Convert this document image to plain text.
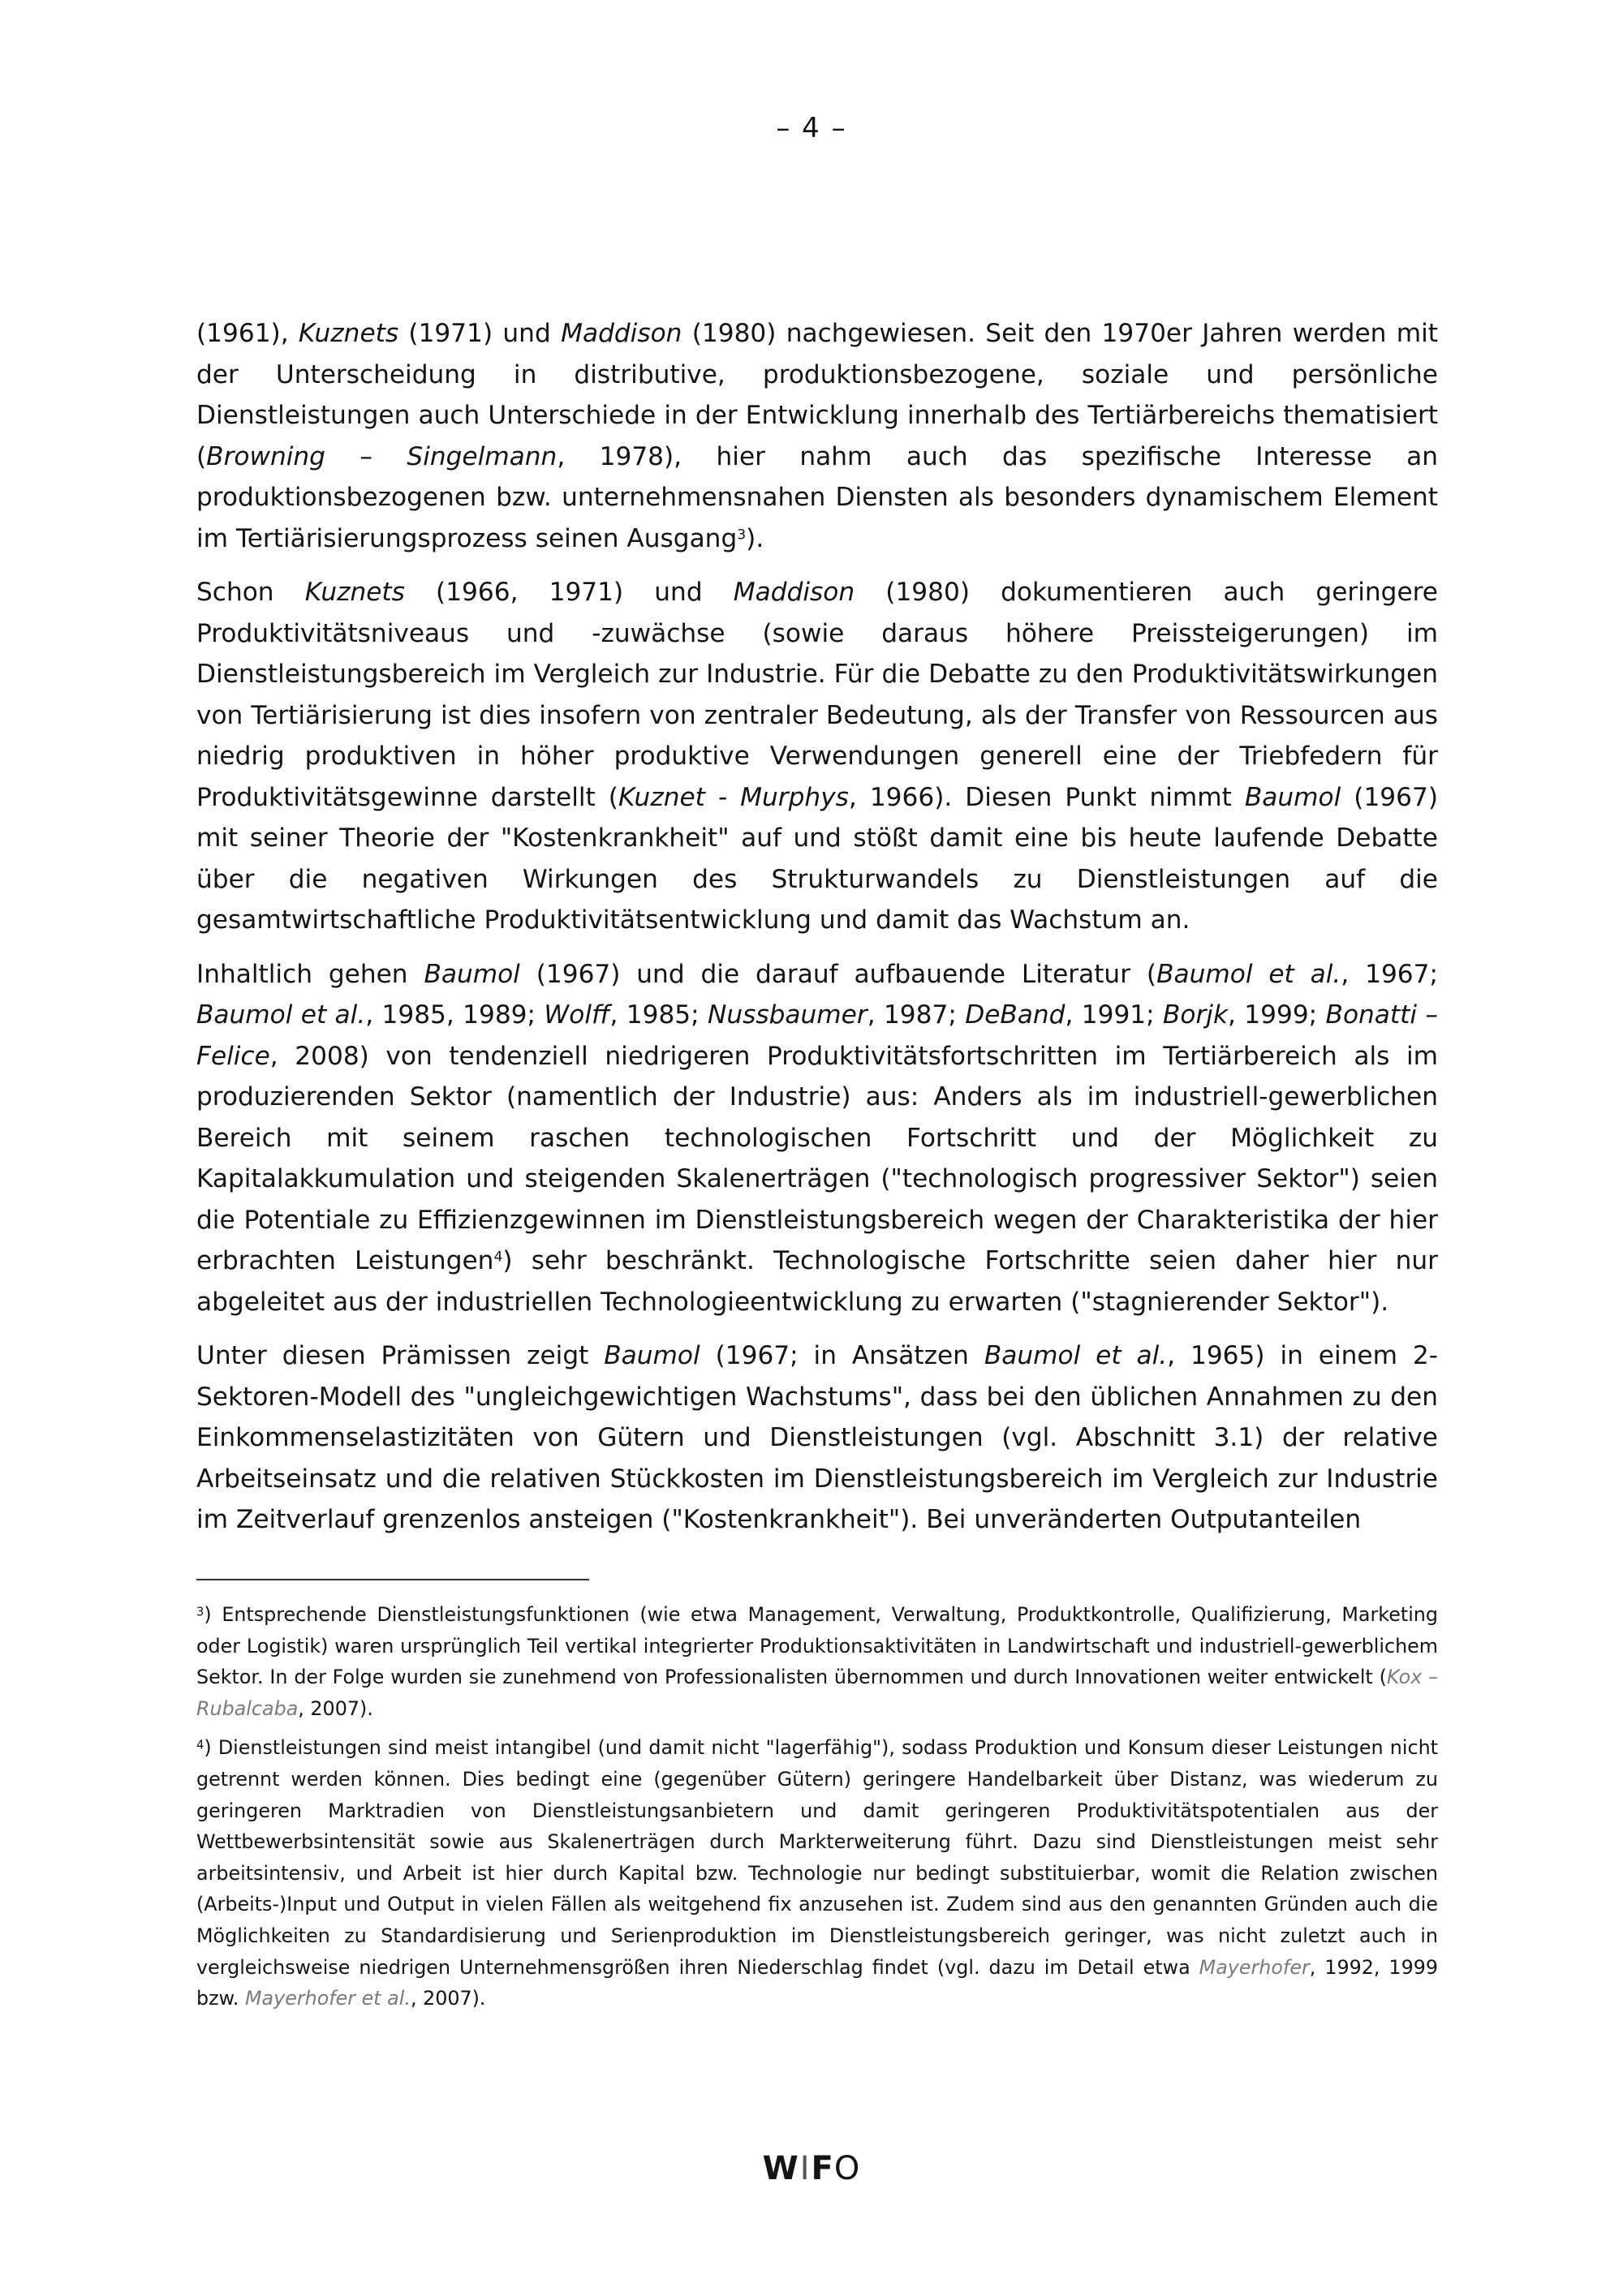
– 4 –

(1961), Kuznets (1971) und Maddison (1980) nachgewiesen. Seit den 1970er Jahren werden mit der Unterscheidung in distributive, produktionsbezogene, soziale und persönliche Dienstleistungen auch Unterschiede in der Entwicklung innerhalb des Tertiärbereichs thematisiert (Browning – Singelmann, 1978), hier nahm auch das spezifische Interesse an produktionsbezogenen bzw. unternehmensnahen Diensten als besonders dynamischem Element im Tertiärisierungsprozess seinen Ausgang$^3$).

Schon Kuznets (1966, 1971) und Maddison (1980) dokumentieren auch geringere Produktivitätsniveaus und -zuwächse (sowie daraus höhere Preissteigerungen) im Dienstleistungsbereich im Vergleich zur Industrie. Für die Debatte zu den Produktivitätswirkungen von Tertiärisierung ist dies insofern von zentraler Bedeutung, als der Transfer von Ressourcen aus niedrig produktiven in höher produktive Verwendungen generell eine der Triebfedern für Produktivitätsgewinne darstellt (Kuznet - Murphys, 1966). Diesen Punkt nimmt Baumol (1967) mit seiner Theorie der "Kostenkrankheit" auf und stößt damit eine bis heute laufende Debatte über die negativen Wirkungen des Strukturwandels zu Dienstleistungen auf die gesamtwirtschaftliche Produktivitätsentwicklung und damit das Wachstum an.

Inhaltlich gehen Baumol (1967) und die darauf aufbauende Literatur (Baumol et al., 1967; Baumol et al., 1985, 1989; Wolff, 1985; Nussbaumer, 1987; DeBand, 1991; Borjk, 1999; Bonatti – Felice, 2008) von tendenziell niedrigeren Produktivitätsfortschritten im Tertiärbereich als im produzierenden Sektor (namentlich der Industrie) aus: Anders als im industriell-gewerblichen Bereich mit seinem raschen technologischen Fortschritt und der Möglichkeit zu Kapitalakkumulation und steigenden Skalenerträgen ("technologisch progressiver Sektor") seien die Potentiale zu Effizienzgewinnen im Dienstleistungsbereich wegen der Charakteristika der hier erbrachten Leistungen$^4$) sehr beschränkt. Technologische Fortschritte seien daher hier nur abgeleitet aus der industriellen Technologieentwicklung zu erwarten ("stagnierender Sektor").

Unter diesen Prämissen zeigt Baumol (1967; in Ansätzen Baumol et al., 1965) in einem 2-Sektoren-Modell des "ungleichgewichtigen Wachstums", dass bei den üblichen Annahmen zu den Einkommenselastizitäten von Gütern und Dienstleistungen (vgl. Abschnitt 3.1) der relative Arbeitseinsatz und die relativen Stückkosten im Dienstleistungsbereich im Vergleich zur Industrie im Zeitverlauf grenzenlos ansteigen ("Kostenkrankheit"). Bei unveränderten Outputanteilen

$^3$) Entsprechende Dienstleistungsfunktionen (wie etwa Management, Verwaltung, Produktkontrolle, Qualifizierung, Marketing oder Logistik) waren ursprünglich Teil vertikal integrierter Produktionsaktivitäten in Landwirtschaft und industriell-gewerblichem Sektor. In der Folge wurden sie zunehmend von Professionalisten übernommen und durch Innovationen weiter entwickelt (Kox – Rubalcaba, 2007).

$^4$) Dienstleistungen sind meist intangibel (und damit nicht "lagerfähig"), sodass Produktion und Konsum dieser Leistungen nicht getrennt werden können. Dies bedingt eine (gegenüber Gütern) geringere Handelbarkeit über Distanz, was wiederum zu geringeren Marktradien von Dienstleistungsanbietern und damit geringeren Produktivitätspotentialen aus der Wettbewerbsintensität sowie aus Skalenerträgen durch Markterweiterung führt. Dazu sind Dienstleistungen meist sehr arbeitsintensiv, und Arbeit ist hier durch Kapital bzw. Technologie nur bedingt substituierbar, womit die Relation zwischen (Arbeits-)Input und Output in vielen Fällen als weitgehend fix anzusehen ist. Zudem sind aus den genannten Gründen auch die Möglichkeiten zu Standardisierung und Serienproduktion im Dienstleistungsbereich geringer, was nicht zuletzt auch in vergleichsweise niedrigen Unternehmensgrößen ihren Niederschlag findet (vgl. dazu im Detail etwa Mayerhofer, 1992, 1999 bzw. Mayerhofer et al., 2007).

WIFO
